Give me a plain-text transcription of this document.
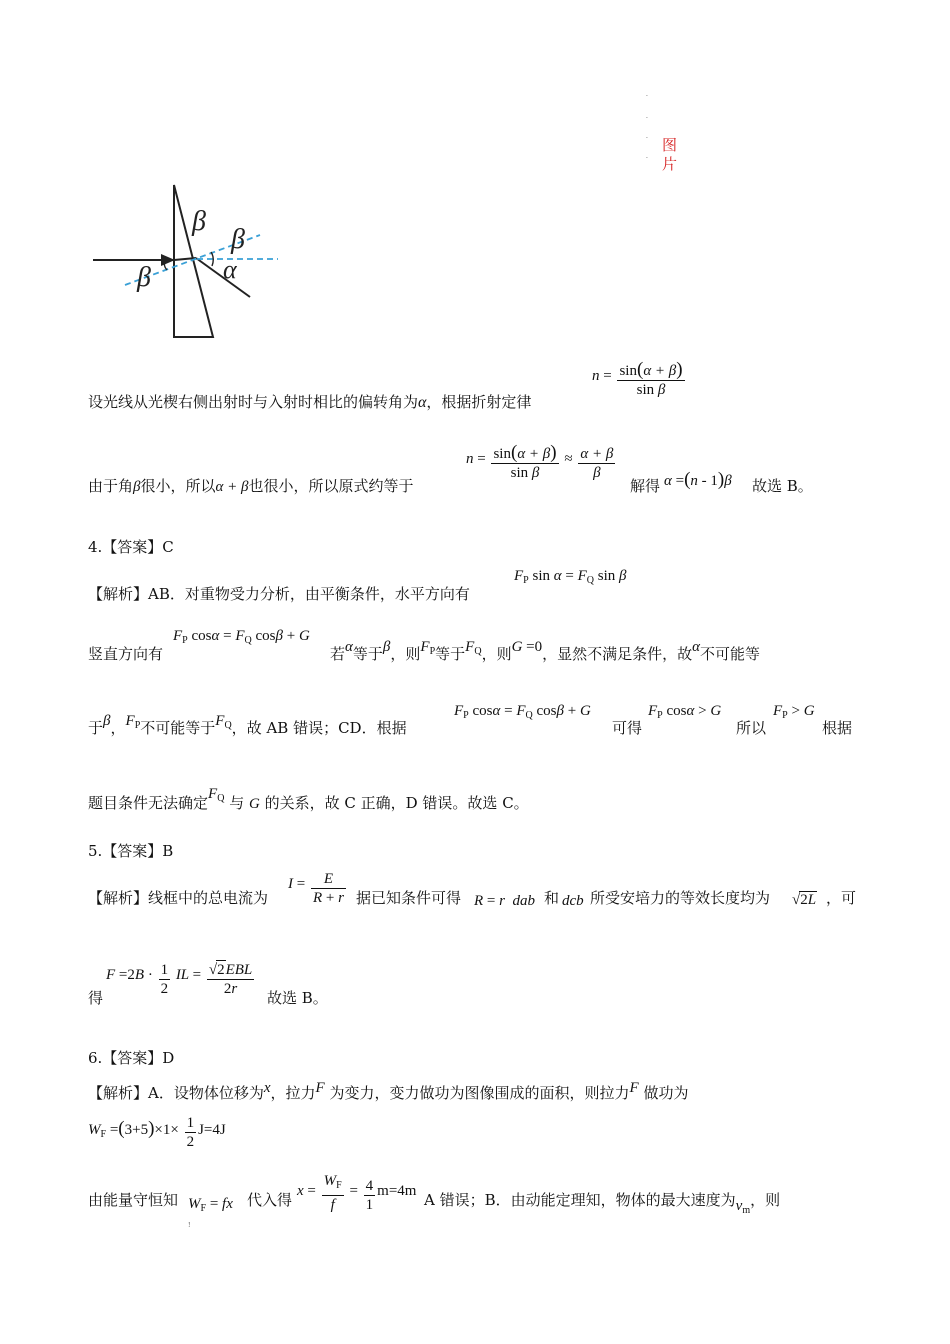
·
·
·
·
图
片
β
β
β	α
设光线从光楔右侧出射时与入射时相比的偏转角为α，根据折射定律
$n = \frac{\sin(\alpha + \beta)}{\text{sin β}}$
由于角β很小，所以α + β也很小，所以原式约等于
$n = \frac{\sin(\alpha + \beta)}{\text{sin β}} \approx \frac{\alpha + \beta}{\beta}$
解得 α =(n - 1)β 故选 B。
4.【答案】C
【解析】AB．对重物受力分析，由平衡条件，水平方向有
$F_P$ $\sin \alpha = F_Q$ sin β
竖直方向有
$F_P$ $\cos\alpha = F_Q$ cosβ + G
若α等于β，则$F_P$等于$F_Q$，则G =0，显然不满足条件，故α不可能等
于β，$F_P$不可能等于$F_Q$，故 AB 错误；CD．根据
$F_P$ $\cos\alpha = F_Q$ cosβ + G
可得
$F_P$ cosα > G
所以
$F_P > G$
根据
题目条件无法确定$F_Q$ 与 G 的关系，故 C 正确，D 错误。故选 C。
5.【答案】B
【解析】线框中的总电流为
$I = \frac{E}{R + r}$ 据已知条件可得 R = r  dab 和 dcb 所受安培力的等效长度均为 √2L ，可
得
$F =2B \cdot \frac{1}{2}$ IL = $\frac{\text{√2EBL}}{2r}$ 故选 B。
6.【答案】D
【解析】A．设物体位移为x，拉力F 为变力，变力做功为图像围成的面积，则拉力F 做功为
$W_F =(3+5)\times 1\times \frac{1}{2} J=4J$
由能量守恒知 $W_F$ = fx 代入得 $x = \frac{W_F}{f} = \frac{4}{1} m=4m$ A 错误；B．由动能定理知，物体的最大速度为$v_m$，则
!
